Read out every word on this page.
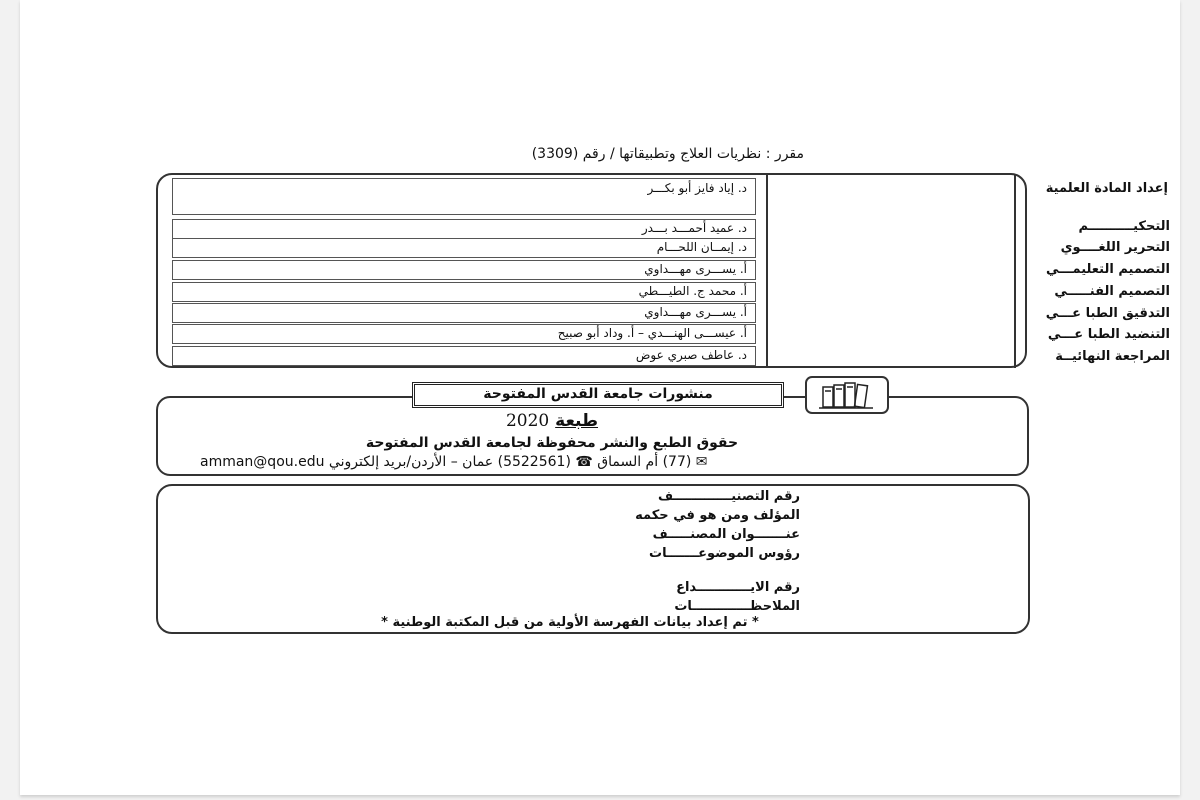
مقرر : نظريات العلاج وتطبيقاتها / رقم (3309)
د. إياد فايز أبو بكـــر
د. عميد أحمـــد بـــدر
د. إيمــان اللحـــام
أ. يســـرى مهـــداوي
أ. محمد ج. الطيـــطي
أ. يســـرى مهـــداوي
أ. عيســـى الهنـــدي – أ. وداد أبو صبيح
د. عاطف صبري عوض
إعداد المادة العلمية
التحكيــــــــــم
التحرير اللغــــوي
التصميم التعليمـــي
التصميم الفنـــــي
التدقيق الطبا عـــي
التنضيد الطبا عـــي
المراجعة النهائيــة
منشورات جامعة القدس المفتوحة
طبعة 2020
حقوق الطبع والنشر محفوظة لجامعة القدس المفتوحة
✉ (77) أم السماق ☎ (5522561) عمان – الأردن/بريد إلكتروني amman@qou.edu
رقم التصنيـــــــــــــف
المؤلف ومن هو في حكمه
عنـــــــوان المصنـــــف
رؤوس الموضوعـــــــات
رقم الايــــــــــــداع
الملاحظـــــــــــــات
* تم إعداد بيانات الفهرسة الأولية من قبل المكتبة الوطنية *
